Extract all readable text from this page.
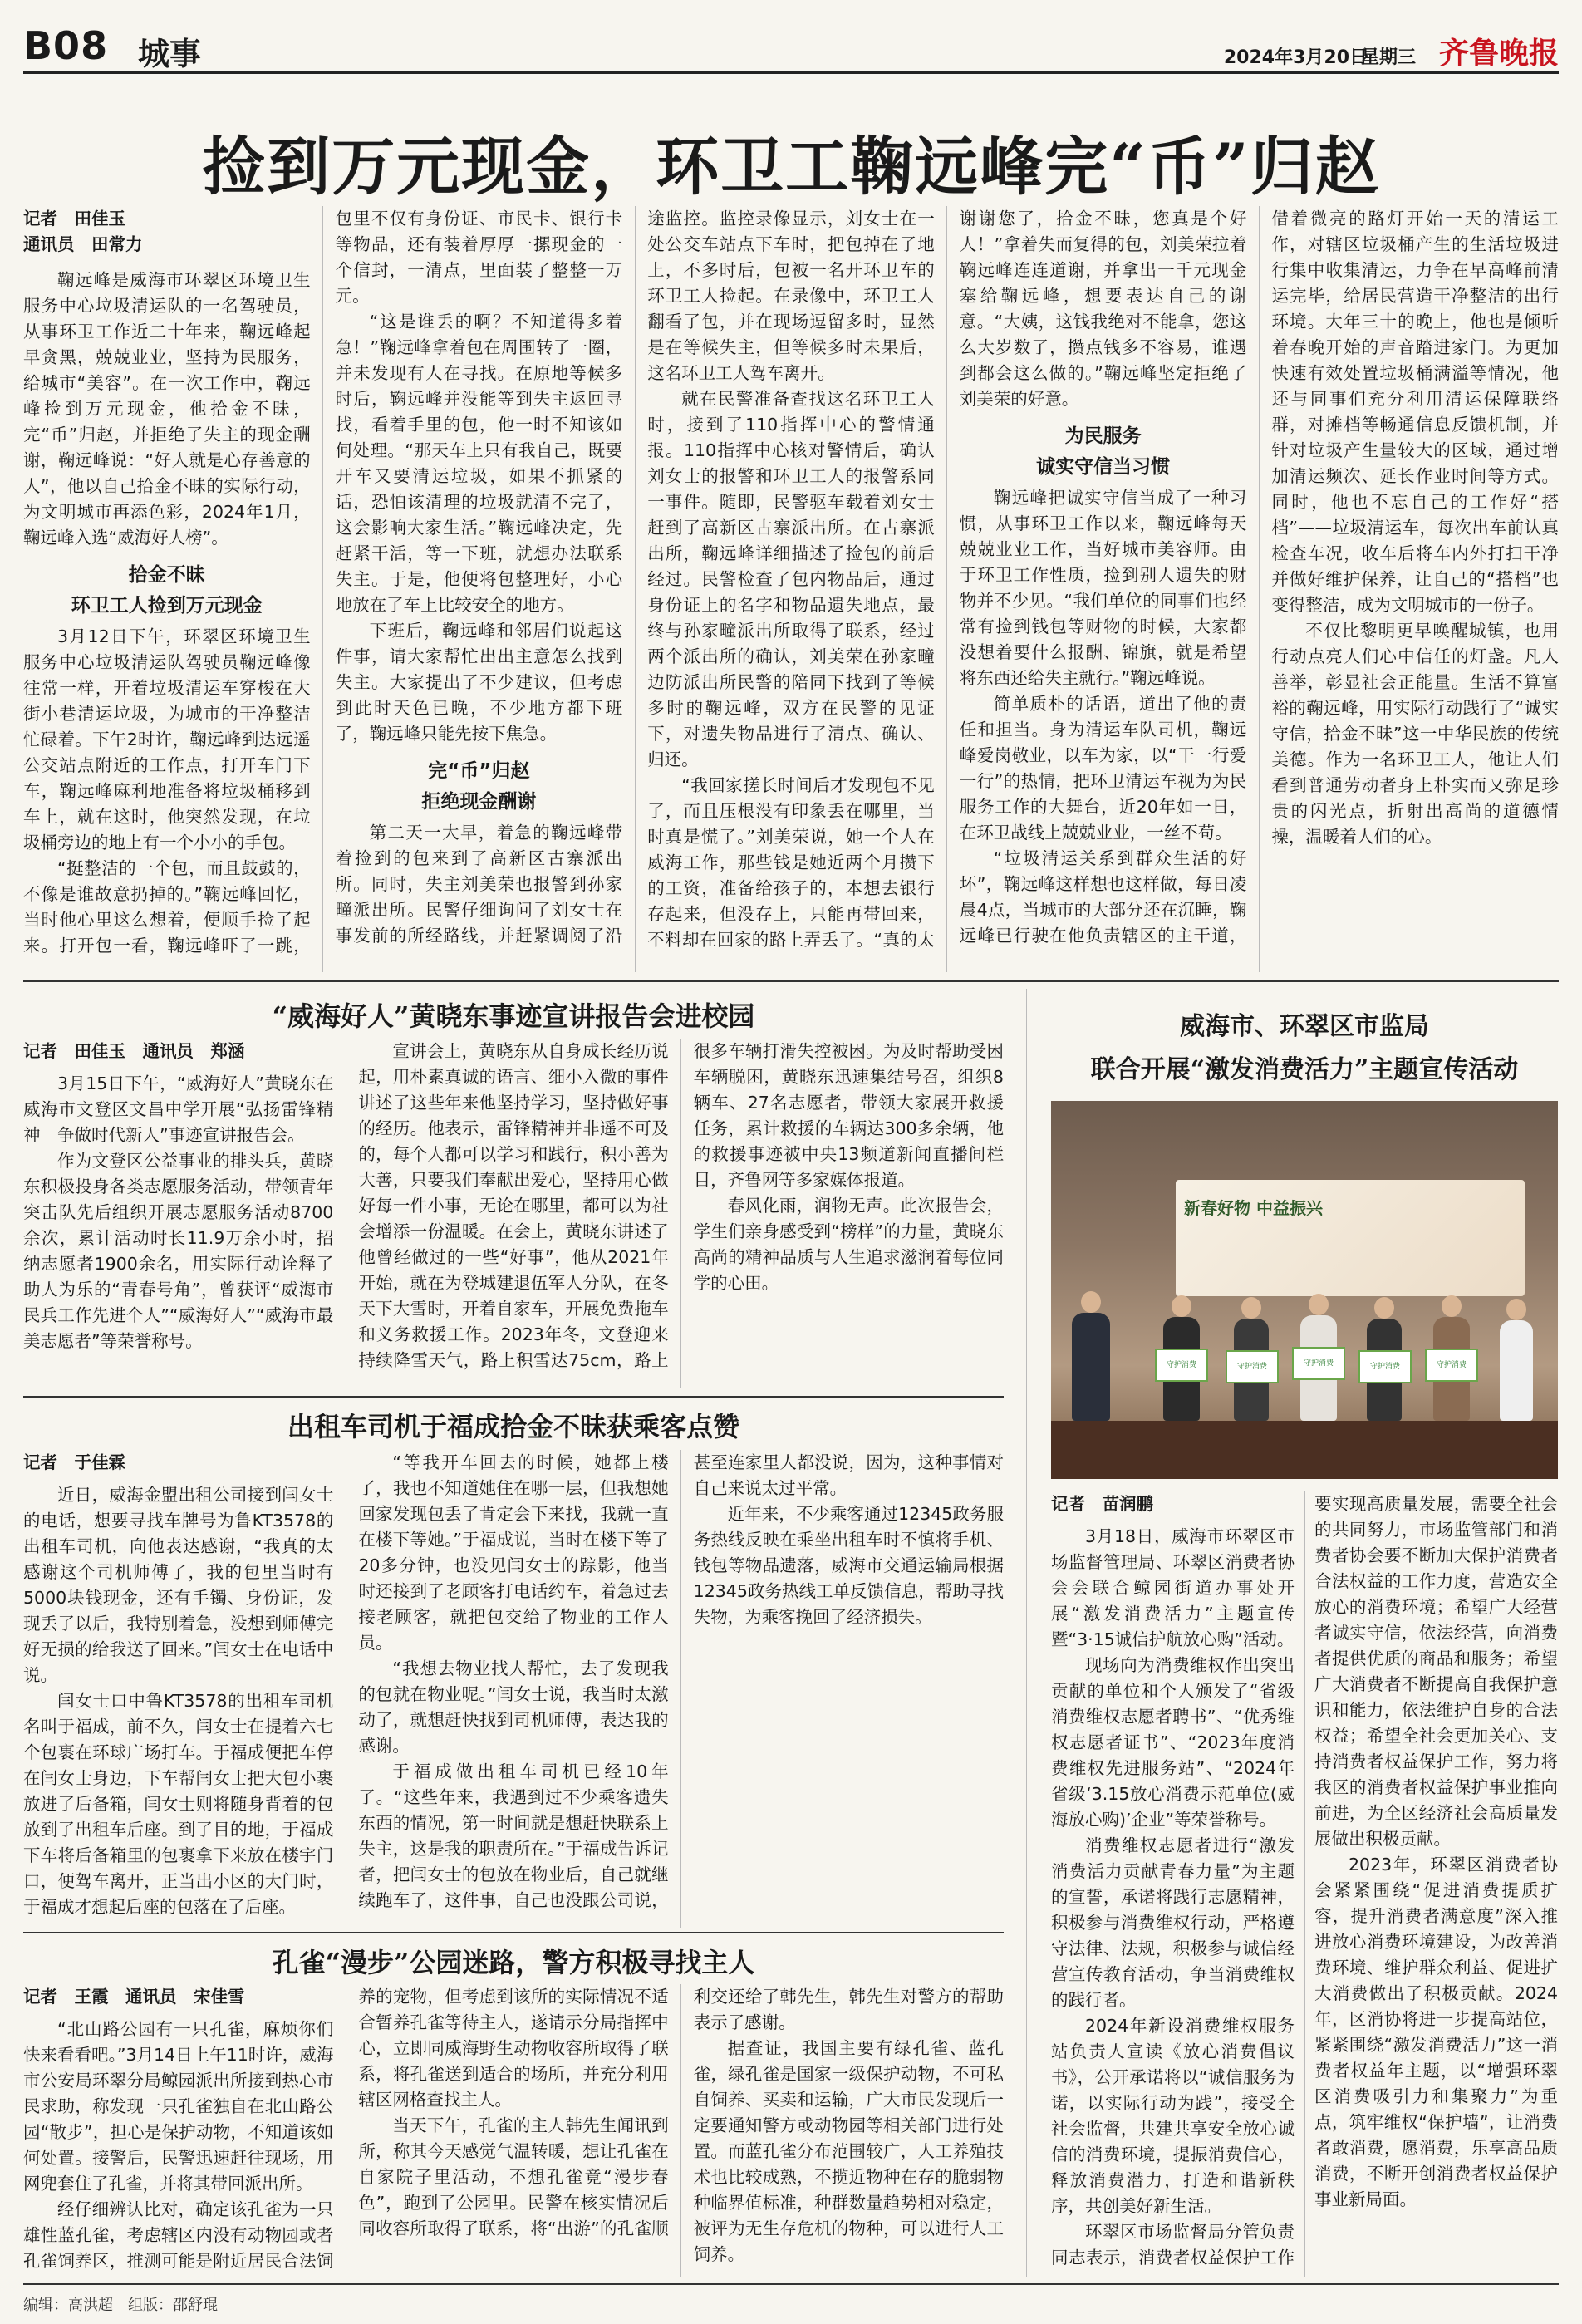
B08 城事	2024年3月20日
星期三 齐鲁晚报
捡到万元现金，环卫工鞠远峰完“币”归赵

记者　田佳玉

通讯员　田常力

鞠远峰是威海市环翠区环境卫生服务中心垃圾清运队的一名驾驶员，从事环卫工作近二十年来，鞠远峰起早贪黑，兢兢业业，坚持为民服务，给城市“美容”。在一次工作中，鞠远峰捡到万元现金，他拾金不昧，完“币”归赵，并拒绝了失主的现金酬谢，鞠远峰说：“好人就是心存善意的人”，他以自己拾金不昧的实际行动，为文明城市再添色彩，2024年1月，鞠远峰入选“威海好人榜”。

拾金不昧

环卫工人捡到万元现金

3月12日下午，环翠区环境卫生服务中心垃圾清运队驾驶员鞠远峰像往常一样，开着垃圾清运车穿梭在大街小巷清运垃圾，为城市的干净整洁忙碌着。下午2时许，鞠远峰到达远遥公交站点附近的工作点，打开车门下车，鞠远峰麻利地准备将垃圾桶移到车上，就在这时，他突然发现，在垃圾桶旁边的地上有一个小小的手包。

“挺整洁的一个包，而且鼓鼓的，不像是谁故意扔掉的。”鞠远峰回忆，当时他心里这么想着，便顺手捡了起来。打开包一看，鞠远峰吓了一跳，包里不仅有身份证、市民卡、银行卡等物品，还有装着厚厚一摞现金的一个信封，一清点，里面装了整整一万元。

“这是谁丢的啊？不知道得多着急！”鞠远峰拿着包在周围转了一圈，并未发现有人在寻找。在原地等候多时后，鞠远峰并没能等到失主返回寻找，看着手里的包，他一时不知该如何处理。“那天车上只有我自己，既要开车又要清运垃圾，如果不抓紧的话，恐怕该清理的垃圾就清不完了，这会影响大家生活。”鞠远峰决定，先赶紧干活，等一下班，就想办法联系失主。于是，他便将包整理好，小心地放在了车上比较安全的地方。

下班后，鞠远峰和邻居们说起这件事，请大家帮忙出出主意怎么找到失主。大家提出了不少建议，但考虑到此时天色已晚，不少地方都下班了，鞠远峰只能先按下焦急。

完“币”归赵

拒绝现金酬谢

第二天一大早，着急的鞠远峰带着捡到的包来到了高新区古寨派出所。同时，失主刘美荣也报警到孙家疃派出所。民警仔细询问了刘女士在事发前的所经路线，并赶紧调阅了沿途监控。监控录像显示，刘女士在一处公交车站点下车时，把包掉在了地上，不多时后，包被一名开环卫车的环卫工人捡起。在录像中，环卫工人翻看了包，并在现场逗留多时，显然是在等候失主，但等候多时未果后，这名环卫工人驾车离开。

就在民警准备查找这名环卫工人时，接到了110指挥中心的警情通报。110指挥中心核对警情后，确认刘女士的报警和环卫工人的报警系同一事件。随即，民警驱车载着刘女士赶到了高新区古寨派出所。在古寨派出所，鞠远峰详细描述了捡包的前后经过。民警检查了包内物品后，通过身份证上的名字和物品遗失地点，最终与孙家疃派出所取得了联系，经过两个派出所的确认，刘美荣在孙家疃边防派出所民警的陪同下找到了等候多时的鞠远峰，双方在民警的见证下，对遗失物品进行了清点、确认、归还。

“我回家搓长时间后才发现包不见了，而且压根没有印象丢在哪里，当时真是慌了。”刘美荣说，她一个人在威海工作，那些钱是她近两个月攒下的工资，准备给孩子的，本想去银行存起来，但没存上，只能再带回来，不料却在回家的路上弄丢了。“真的太谢谢您了，拾金不昧，您真是个好人！”拿着失而复得的包，刘美荣拉着鞠远峰连连道谢，并拿出一千元现金塞给鞠远峰，想要表达自己的谢意。“大姨，这钱我绝对不能拿，您这么大岁数了，攒点钱多不容易，谁遇到都会这么做的。”鞠远峰坚定拒绝了刘美荣的好意。

为民服务

诚实守信当习惯

鞠远峰把诚实守信当成了一种习惯，从事环卫工作以来，鞠远峰每天兢兢业业工作，当好城市美容师。由于环卫工作性质，捡到别人遗失的财物并不少见。“我们单位的同事们也经常有捡到钱包等财物的时候，大家都没想着要什么报酬、锦旗，就是希望将东西还给失主就行。”鞠远峰说。

简单质朴的话语，道出了他的责任和担当。身为清运车队司机，鞠远峰爱岗敬业，以车为家，以“干一行爱一行”的热情，把环卫清运车视为为民服务工作的大舞台，近20年如一日，在环卫战线上兢兢业业，一丝不苟。

“垃圾清运关系到群众生活的好坏”，鞠远峰这样想也这样做，每日凌晨4点，当城市的大部分还在沉睡，鞠远峰已行驶在他负责辖区的主干道，借着微亮的路灯开始一天的清运工作，对辖区垃圾桶产生的生活垃圾进行集中收集清运，力争在早高峰前清运完毕，给居民营造干净整洁的出行环境。大年三十的晚上，他也是倾听着春晚开始的声音踏进家门。为更加快速有效处置垃圾桶满溢等情况，他还与同事们充分利用清运保障联络群，对摊档等畅通信息反馈机制，并针对垃圾产生量较大的区域，通过增加清运频次、延长作业时间等方式。同时，他也不忘自己的工作好“搭档”——垃圾清运车，每次出车前认真检查车况，收车后将车内外打扫干净并做好维护保养，让自己的“搭档”也变得整洁，成为文明城市的一份子。

不仅比黎明更早唤醒城镇，也用行动点亮人们心中信任的灯盏。凡人善举，彰显社会正能量。生活不算富裕的鞠远峰，用实际行动践行了“诚实守信，拾金不昧”这一中华民族的传统美德。作为一名环卫工人，他让人们看到普通劳动者身上朴实而又弥足珍贵的闪光点，折射出高尚的道德情操，温暖着人们的心。

“威海好人”黄晓东事迹宣讲报告会进校园

记者　田佳玉　通讯员　郑涵

3月15日下午，“威海好人”黄晓东在威海市文登区文昌中学开展“弘扬雷锋精神　争做时代新人”事迹宣讲报告会。

作为文登区公益事业的排头兵，黄晓东积极投身各类志愿服务活动，带领青年突击队先后组织开展志愿服务活动8700余次，累计活动时长11.9万余小时，招纳志愿者1900余名，用实际行动诠释了助人为乐的“青春号角”，曾获评“威海市民兵工作先进个人”“威海好人”“威海市最美志愿者”等荣誉称号。

宣讲会上，黄晓东从自身成长经历说起，用朴素真诚的语言、细小入微的事件讲述了这些年来他坚持学习，坚持做好事的经历。他表示，雷锋精神并非遥不可及的，每个人都可以学习和践行，积小善为大善，只要我们奉献出爱心，坚持用心做好每一件小事，无论在哪里，都可以为社会增添一份温暖。在会上，黄晓东讲述了他曾经做过的一些“好事”，他从2021年开始，就在为登城建退伍军人分队，在冬天下大雪时，开着自家车，开展免费拖车和义务救援工作。2023年冬，文登迎来持续降雪天气，路上积雪达75cm，路上很多车辆打滑失控被困。为及时帮助受困车辆脱困，黄晓东迅速集结号召，组织8辆车、27名志愿者，带领大家展开救援任务，累计救援的车辆达300多余辆，他的救援事迹被中央13频道新闻直播间栏目，齐鲁网等多家媒体报道。

春风化雨，润物无声。此次报告会，学生们亲身感受到“榜样”的力量，黄晓东高尚的精神品质与人生追求滋润着每位同学的心田。

出租车司机于福成拾金不昧获乘客点赞

记者　于佳霖

近日，威海金盟出租公司接到闫女士的电话，想要寻找车牌号为鲁KT3578的出租车司机，向他表达感谢，“我真的太感谢这个司机师傅了，我的包里当时有5000块钱现金，还有手镯、身份证，发现丢了以后，我特别着急，没想到师傅完好无损的给我送了回来。”闫女士在电话中说。

闫女士口中鲁KT3578的出租车司机名叫于福成，前不久，闫女士在提着六七个包裹在环球广场打车。于福成便把车停在闫女士身边，下车帮闫女士把大包小裹放进了后备箱，闫女士则将随身背着的包放到了出租车后座。到了目的地，于福成下车将后备箱里的包裹拿下来放在楼宇门口，便驾车离开，正当出小区的大门时，于福成才想起后座的包落在了后座。

“等我开车回去的时候，她都上楼了，我也不知道她住在哪一层，但我想她回家发现包丢了肯定会下来找，我就一直在楼下等她。”于福成说，当时在楼下等了20多分钟，也没见闫女士的踪影，他当时还接到了老顾客打电话约车，着急过去接老顾客，就把包交给了物业的工作人员。

“我想去物业找人帮忙，去了发现我的包就在物业呢。”闫女士说，我当时太激动了，就想赶快找到司机师傅，表达我的感谢。

于福成做出租车司机已经10年了。“这些年来，我遇到过不少乘客遗失东西的情况，第一时间就是想赶快联系上失主，这是我的职责所在。”于福成告诉记者，把闫女士的包放在物业后，自己就继续跑车了，这件事，自己也没跟公司说，甚至连家里人都没说，因为，这种事情对自己来说太过平常。

近年来，不少乘客通过12345政务服务热线反映在乘坐出租车时不慎将手机、钱包等物品遗落，威海市交通运输局根据12345政务热线工单反馈信息，帮助寻找失物，为乘客挽回了经济损失。

孔雀“漫步”公园迷路，警方积极寻找主人

记者　王霞　通讯员　宋佳雪

“北山路公园有一只孔雀，麻烦你们快来看看吧。”3月14日上午11时许，威海市公安局环翠分局鲸园派出所接到热心市民求助，称发现一只孔雀独自在北山路公园“散步”，担心是保护动物，不知道该如何处置。接警后，民警迅速赶往现场，用网兜套住了孔雀，并将其带回派出所。

经仔细辨认比对，确定该孔雀为一只雄性蓝孔雀，考虑辖区内没有动物园或者孔雀饲养区，推测可能是附近居民合法饲养的宠物，但考虑到该所的实际情况不适合暂养孔雀等待主人，遂请示分局指挥中心，立即同威海野生动物收容所取得了联系，将孔雀送到适合的场所，并充分利用辖区网格查找主人。

当天下午，孔雀的主人韩先生闻讯到所，称其今天感觉气温转暖，想让孔雀在自家院子里活动，不想孔雀竟“漫步春色”，跑到了公园里。民警在核实情况后同收容所取得了联系，将“出游”的孔雀顺利交还给了韩先生，韩先生对警方的帮助表示了感谢。

据查证，我国主要有绿孔雀、蓝孔雀，绿孔雀是国家一级保护动物，不可私自饲养、买卖和运输，广大市民发现后一定要通知警方或动物园等相关部门进行处置。而蓝孔雀分布范围较广，人工养殖技术也比较成熟，不揽近物种在存的脆弱物种临界值标准，种群数量趋势相对稳定，被评为无生存危机的物种，可以进行人工饲养。

威海市、环翠区市监局
联合开展“激发消费活力”主题宣传活动
新春好物 中益振兴
守护消费	守护消费	守护消费	守护消费	守护消费

记者　苗润鹏

3月18日，威海市环翠区市场监督管理局、环翠区消费者协会会联合鲸园街道办事处开展“激发消费活力”主题宣传暨“3·15诚信护航放心购”活动。

现场向为消费维权作出突出贡献的单位和个人颁发了“省级消费维权志愿者聘书”、“优秀维权志愿者证书”、“2023年度消费维权先进服务站”、“2024年省级‘3.15放心消费示范单位(威海放心购)’企业”等荣誉称号。

消费维权志愿者进行“激发消费活力贡献青春力量”为主题的宣誓，承诺将践行志愿精神，积极参与消费维权行动，严格遵守法律、法规，积极参与诚信经营宣传教育活动，争当消费维权的践行者。

2024年新设消费维权服务站负责人宣读《放心消费倡议书》，公开承诺将以“诚信服务为诺，以实际行动为践”，接受全社会监督，共建共享安全放心诚信的消费环境，提振消费信心，释放消费潜力，打造和谐新秩序，共创美好新生活。

环翠区市场监督局分管负责同志表示，消费者权益保护工作要实现高质量发展，需要全社会的共同努力，市场监管部门和消费者协会要不断加大保护消费者合法权益的工作力度，营造安全放心的消费环境；希望广大经营者诚实守信，依法经营，向消费者提供优质的商品和服务；希望广大消费者不断提高自我保护意识和能力，依法维护自身的合法权益；希望全社会更加关心、支持消费者权益保护工作，努力将我区的消费者权益保护事业推向前进，为全区经济社会高质量发展做出积极贡献。

2023年，环翠区消费者协会紧紧围绕“促进消费提质扩容，提升消费者满意度”深入推进放心消费环境建设，为改善消费环境、维护群众利益、促进扩大消费做出了积极贡献。2024年，区消协将进一步提高站位，紧紧围绕“激发消费活力”这一消费者权益年主题，以“增强环翠区消费吸引力和集聚力”为重点，筑牢维权“保护墙”，让消费者敢消费，愿消费，乐享高品质消费，不断开创消费者权益保护事业新局面。

编辑：高洪超　组版：邵舒琨
